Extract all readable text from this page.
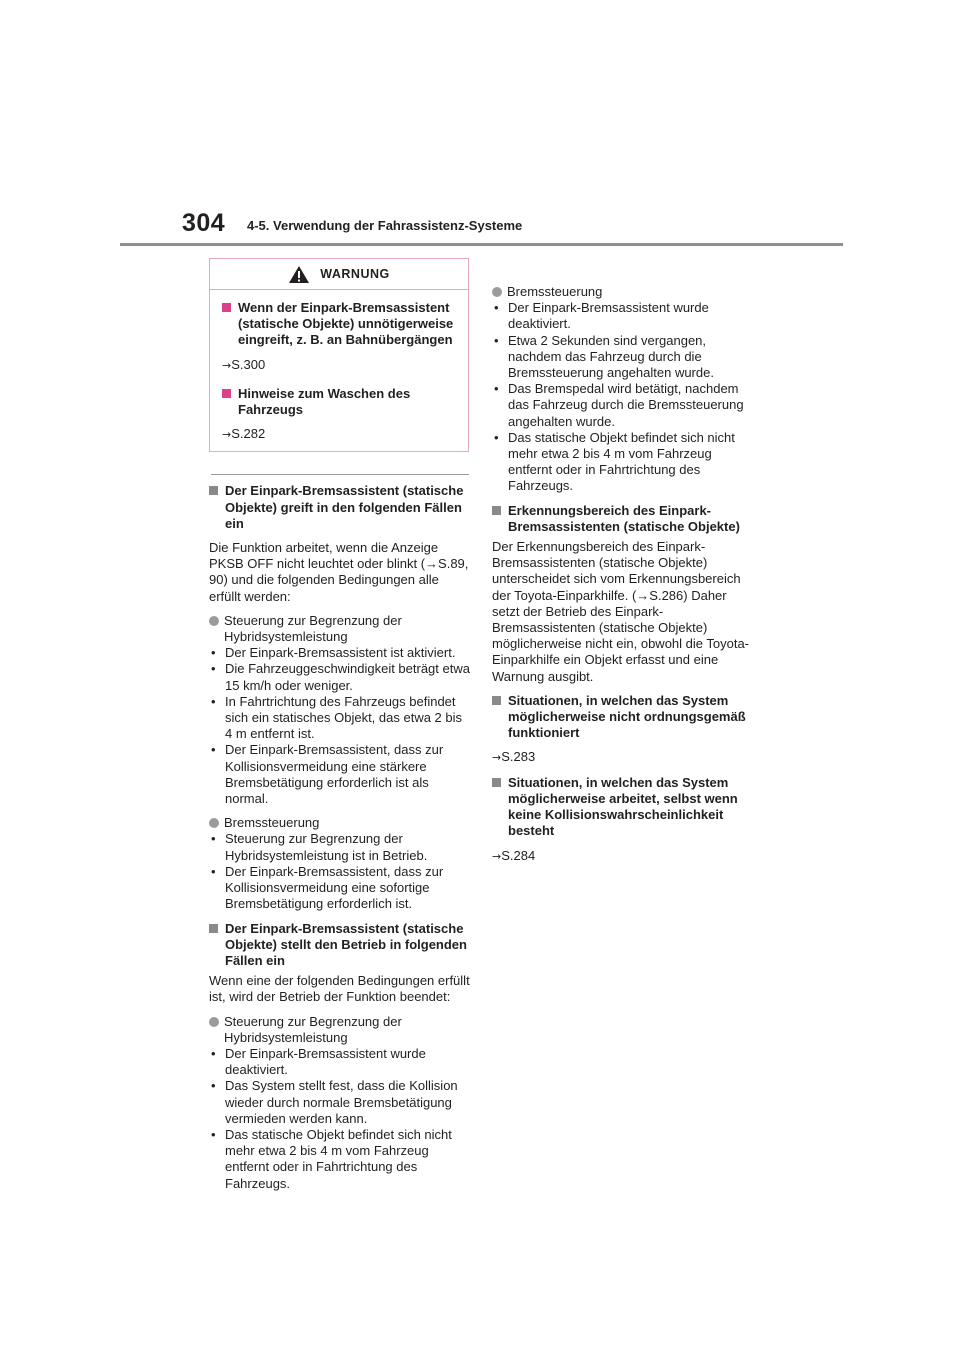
304 4-5. Verwendung der Fahrassistenz-Systeme
WARNUNG
Wenn der Einpark-Bremsassistent (statische Objekte) unnötigerweise eingreift, z. B. an Bahnübergängen
→S.300
Hinweise zum Waschen des Fahrzeugs
→S.282
Der Einpark-Bremsassistent (statische Objekte) greift in den folgenden Fällen ein

Die Funktion arbeitet, wenn die Anzeige PKSB OFF nicht leuchtet oder blinkt (→S.89, 90) und die folgenden Bedingungen alle erfüllt werden:

Steuerung zur Begrenzung der Hybridsystemleistung
• Der Einpark-Bremsassistent ist aktiviert.
• Die Fahrzeuggeschwindigkeit beträgt etwa 15 km/h oder weniger.
• In Fahrtrichtung des Fahrzeugs befindet sich ein statisches Objekt, das etwa 2 bis 4 m entfernt ist.
• Der Einpark-Bremsassistent, dass zur Kollisionsvermeidung eine stärkere Bremsbetätigung erforderlich ist als normal.
Bremssteuerung
• Steuerung zur Begrenzung der Hybridsystemleistung ist in Betrieb.
• Der Einpark-Bremsassistent, dass zur Kollisionsvermeidung eine sofortige Bremsbetätigung erforderlich ist.
Der Einpark-Bremsassistent (statische Objekte) stellt den Betrieb in folgenden Fällen ein

Wenn eine der folgenden Bedingungen erfüllt ist, wird der Betrieb der Funktion beendet:

Steuerung zur Begrenzung der Hybridsystemleistung
• Der Einpark-Bremsassistent wurde deaktiviert.
• Das System stellt fest, dass die Kollision wieder durch normale Bremsbetätigung vermieden werden kann.
• Das statische Objekt befindet sich nicht mehr etwa 2 bis 4 m vom Fahrzeug entfernt oder in Fahrtrichtung des Fahrzeugs.
Bremssteuerung
• Der Einpark-Bremsassistent wurde deaktiviert.
• Etwa 2 Sekunden sind vergangen, nachdem das Fahrzeug durch die Bremssteuerung angehalten wurde.
• Das Bremspedal wird betätigt, nachdem das Fahrzeug durch die Bremssteuerung angehalten wurde.
• Das statische Objekt befindet sich nicht mehr etwa 2 bis 4 m vom Fahrzeug entfernt oder in Fahrtrichtung des Fahrzeugs.
Erkennungsbereich des Einpark-Bremsassistenten (statische Objekte)

Der Erkennungsbereich des Einpark-Bremsassistenten (statische Objekte) unterscheidet sich vom Erkennungsbereich der Toyota-Einparkhilfe. (→S.286) Daher setzt der Betrieb des Einpark-Bremsassistenten (statische Objekte) möglicherweise nicht ein, obwohl die Toyota-Einparkhilfe ein Objekt erfasst und eine Warnung ausgibt.

Situationen, in welchen das System möglicherweise nicht ordnungsgemäß funktioniert
→S.283
Situationen, in welchen das System möglicherweise arbeitet, selbst wenn keine Kollisionswahrscheinlichkeit besteht
→S.284
